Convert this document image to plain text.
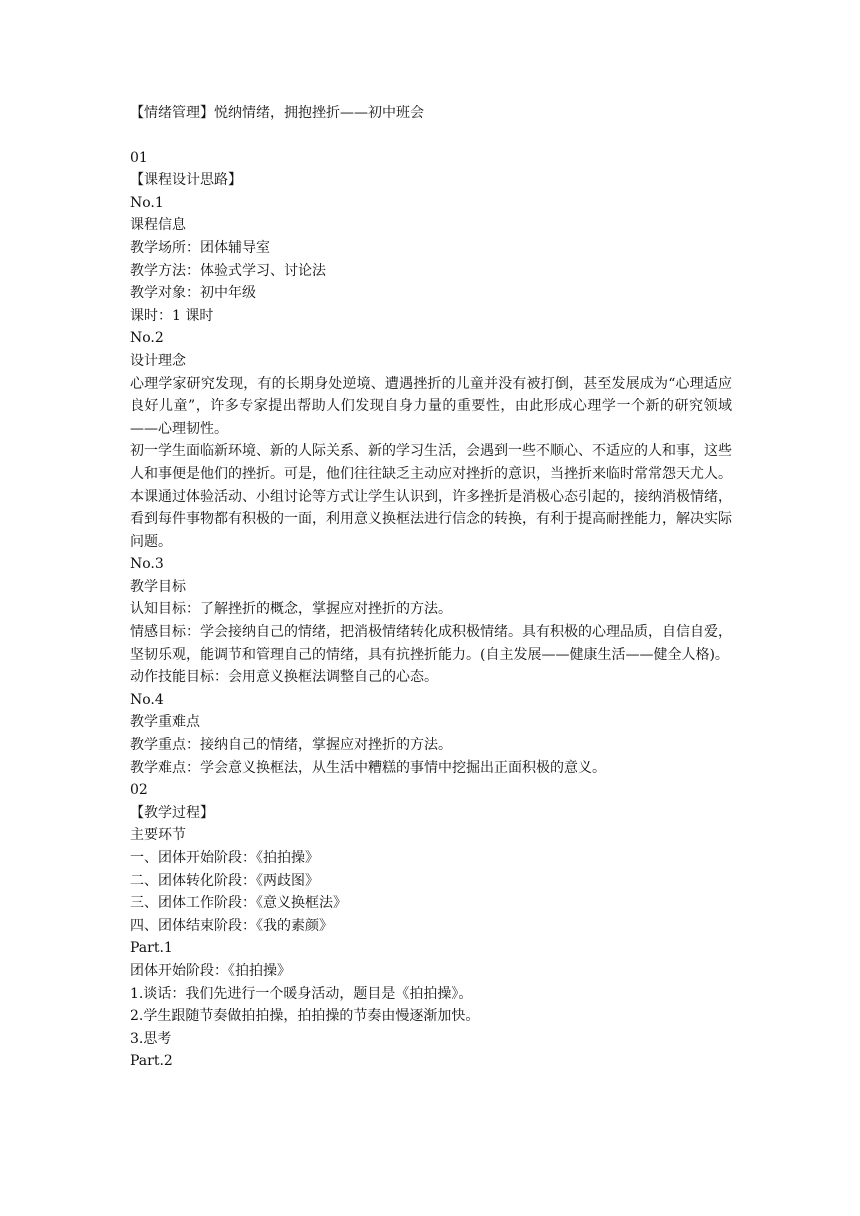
【情绪管理】悦纳情绪，拥抱挫折——初中班会

01

【课程设计思路】

No.1

课程信息

教学场所：团体辅导室

教学方法：体验式学习、讨论法

教学对象：初中年级

课时：1 课时

No.2

设计理念

心理学家研究发现，有的长期身处逆境、遭遇挫折的儿童并没有被打倒，甚至发展成为“心理适应良好儿童”，许多专家提出帮助人们发现自身力量的重要性，由此形成心理学一个新的研究领域——心理韧性。

初一学生面临新环境、新的人际关系、新的学习生活，会遇到一些不顺心、不适应的人和事，这些人和事便是他们的挫折。可是，他们往往缺乏主动应对挫折的意识，当挫折来临时常常怨天尤人。本课通过体验活动、小组讨论等方式让学生认识到，许多挫折是消极心态引起的，接纳消极情绪，看到每件事物都有积极的一面，利用意义换框法进行信念的转换，有利于提高耐挫能力，解决实际问题。

No.3

教学目标

认知目标：了解挫折的概念，掌握应对挫折的方法。

情感目标：学会接纳自己的情绪，把消极情绪转化成积极情绪。具有积极的心理品质，自信自爱，坚韧乐观，能调节和管理自己的情绪，具有抗挫折能力。(自主发展——健康生活——健全人格)。

动作技能目标：会用意义换框法调整自己的心态。

No.4

教学重难点

教学重点：接纳自己的情绪，掌握应对挫折的方法。

教学难点：学会意义换框法，从生活中糟糕的事情中挖掘出正面积极的意义。

02

【教学过程】

主要环节

一、团体开始阶段：《拍拍操》

二、团体转化阶段：《两歧图》

三、团体工作阶段：《意义换框法》

四、团体结束阶段：《我的素颜》

Part.1

团体开始阶段：《拍拍操》

1.谈话：我们先进行一个暖身活动，题目是《拍拍操》。

2.学生跟随节奏做拍拍操，拍拍操的节奏由慢逐渐加快。

3.思考

Part.2
